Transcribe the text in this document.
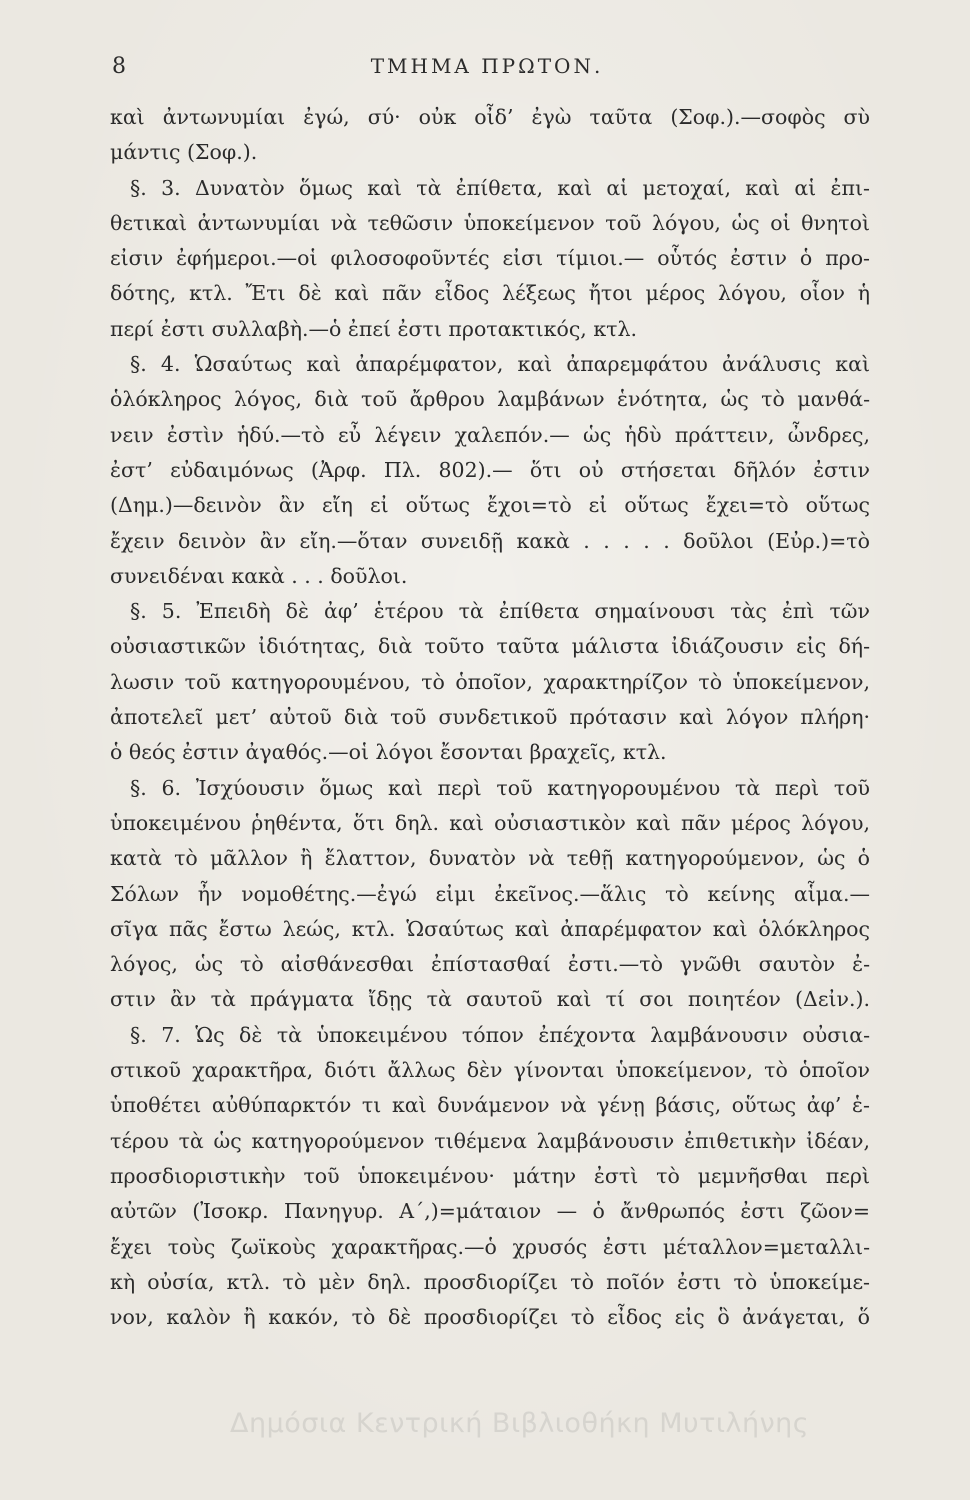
8	ΤΜΗΜΑ ΠΡΩΤΟΝ.
καὶ ἀντωνυμίαι ἐγώ, σύ· οὐκ οἶδ’ ἐγὼ ταῦτα (Σοφ.).—σοφὸς σὺ
μάντις (Σοφ.).
§. 3. Δυνατὸν ὅμως καὶ τὰ ἐπίθετα, καὶ αἱ μετοχαί, καὶ αἱ ἐπι-
θετικαὶ ἀντωνυμίαι νὰ τεθῶσιν ὑποκείμενον τοῦ λόγου, ὡς οἱ θνητοὶ
εἰσιν ἐφήμεροι.—οἱ φιλοσοφοῦντές εἰσι τίμιοι.— οὗτός ἐστιν ὁ προ-
δότης, κτλ. Ἔτι δὲ καὶ πᾶν εἶδος λέξεως ἤτοι μέρος λόγου, οἷον ἡ
περί ἐστι συλλαβὴ.—ὁ ἐπεί ἐστι προτακτικός, κτλ.
§. 4. Ὡσαύτως καὶ ἀπαρέμφατον, καὶ ἀπαρεμφάτου ἀνάλυσις καὶ
ὁλόκληρος λόγος, διὰ τοῦ ἄρθρου λαμβάνων ἑνότητα, ὡς τὸ μανθά-
νειν ἐστὶν ἡδύ.—τὸ εὖ λέγειν χαλεπόν.— ὡς ἡδὺ πράττειν, ὦνδρες,
ἐστ’ εὐδαιμόνως (Ἀρφ. Πλ. 802).— ὅτι οὐ στήσεται δῆλόν ἐστιν
(Δημ.)—δεινὸν ἂν εἴη εἰ οὕτως ἔχοι=τὸ εἰ οὕτως ἔχει=τὸ οὕτως
ἔχειν δεινὸν ἂν εἴη.—ὅταν συνειδῇ κακὰ . . . . . δοῦλοι (Εὐρ.)=τὸ
συνειδέναι κακὰ . . . δοῦλοι.
§. 5. Ἐπειδὴ δὲ ἀφ’ ἑτέρου τὰ ἐπίθετα σημαίνουσι τὰς ἐπὶ τῶν
οὐσιαστικῶν ἰδιότητας, διὰ τοῦτο ταῦτα μάλιστα ἰδιάζουσιν εἰς δή-
λωσιν τοῦ κατηγορουμένου, τὸ ὁποῖον, χαρακτηρίζον τὸ ὑποκείμενον,
ἀποτελεῖ μετ’ αὐτοῦ διὰ τοῦ συνδετικοῦ πρότασιν καὶ λόγον πλήρη·
ὁ θεός ἐστιν ἀγαθός.—οἱ λόγοι ἔσονται βραχεῖς, κτλ.
§. 6. Ἰσχύουσιν ὅμως καὶ περὶ τοῦ κατηγορουμένου τὰ περὶ τοῦ
ὑποκειμένου ῥηθέντα, ὅτι δηλ. καὶ οὐσιαστικὸν καὶ πᾶν μέρος λόγου,
κατὰ τὸ μᾶλλον ἢ ἔλαττον, δυνατὸν νὰ τεθῇ κατηγορούμενον, ὡς ὁ
Σόλων ἦν νομοθέτης.—ἐγώ εἰμι ἐκεῖνος.—ἅλις τὸ κείνης αἷμα.—
σῖγα πᾶς ἔστω λεώς, κτλ. Ὡσαύτως καὶ ἀπαρέμφατον καὶ ὁλόκληρος
λόγος, ὡς τὸ αἰσθάνεσθαι ἐπίστασθαί ἐστι.—τὸ γνῶθι σαυτὸν ἐ-
στιν ἂν τὰ πράγματα ἴδῃς τὰ σαυτοῦ καὶ τί σοι ποιητέον (Δεἰν.).
§. 7. Ὡς δὲ τὰ ὑποκειμένου τόπον ἐπέχοντα λαμβάνουσιν οὐσια-
στικοῦ χαρακτῆρα, διότι ἄλλως δὲν γίνονται ὑποκείμενον, τὸ ὁποῖον
ὑποθέτει αὐθύπαρκτόν τι καὶ δυνάμενον νὰ γένῃ βάσις, οὕτως ἀφ’ ἑ-
τέρου τὰ ὡς κατηγορούμενον τιθέμενα λαμβάνουσιν ἐπιθετικὴν ἰδέαν,
προσδιοριστικὴν τοῦ ὑποκειμένου· μάτην ἐστὶ τὸ μεμνῆσθαι περὶ
αὐτῶν (Ἰσοκρ. Πανηγυρ. Α΄,)=μάταιον — ὁ ἄνθρωπός ἐστι ζῶον=
ἔχει τοὺς ζωϊκοὺς χαρακτῆρας.—ὁ χρυσός ἐστι μέταλλον=μεταλλι-
κὴ οὐσία, κτλ. τὸ μὲν δηλ. προσδιορίζει τὸ ποῖόν ἐστι τὸ ὑποκείμε-
νον, καλὸν ἢ κακόν, τὸ δὲ προσδιορίζει τὸ εἶδος εἰς ὃ ἀνάγεται, ὅ
Δημόσια Κεντρική Βιβλιοθήκη Μυτιλήνης
